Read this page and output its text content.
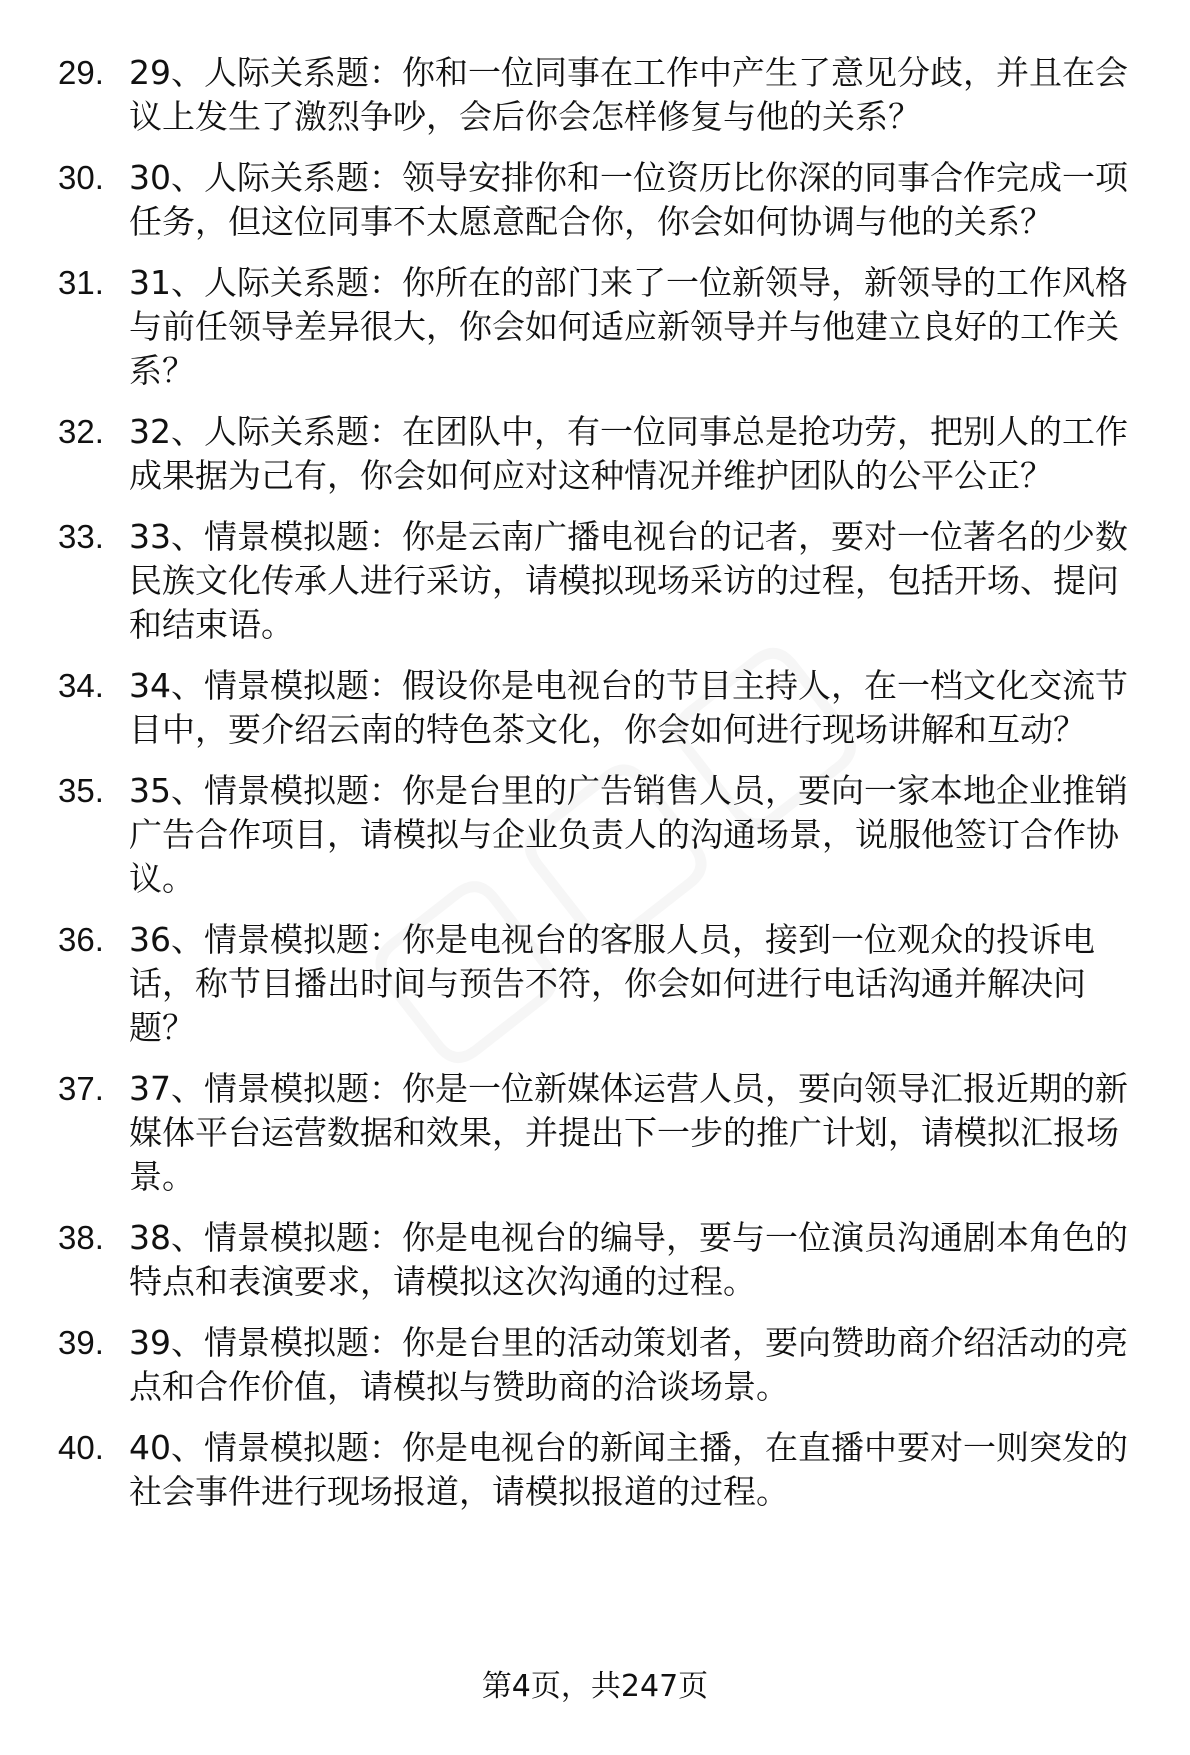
29. 29、人际关系题：你和一位同事在工作中产生了意见分歧，并且在会议上发生了激烈争吵，会后你会怎样修复与他的关系？
30. 30、人际关系题：领导安排你和一位资历比你深的同事合作完成一项任务，但这位同事不太愿意配合你，你会如何协调与他的关系？
31. 31、人际关系题：你所在的部门来了一位新领导，新领导的工作风格与前任领导差异很大，你会如何适应新领导并与他建立良好的工作关系？
32. 32、人际关系题：在团队中，有一位同事总是抢功劳，把别人的工作成果据为己有，你会如何应对这种情况并维护团队的公平公正？
33. 33、情景模拟题：你是云南广播电视台的记者，要对一位著名的少数民族文化传承人进行采访，请模拟现场采访的过程，包括开场、提问和结束语。
34. 34、情景模拟题：假设你是电视台的节目主持人，在一档文化交流节目中，要介绍云南的特色茶文化，你会如何进行现场讲解和互动？
35. 35、情景模拟题：你是台里的广告销售人员，要向一家本地企业推销广告合作项目，请模拟与企业负责人的沟通场景，说服他签订合作协议。
36. 36、情景模拟题：你是电视台的客服人员，接到一位观众的投诉电话，称节目播出时间与预告不符，你会如何进行电话沟通并解决问题？
37. 37、情景模拟题：你是一位新媒体运营人员，要向领导汇报近期的新媒体平台运营数据和效果，并提出下一步的推广计划，请模拟汇报场景。
38. 38、情景模拟题：你是电视台的编导，要与一位演员沟通剧本角色的特点和表演要求，请模拟这次沟通的过程。
39. 39、情景模拟题：你是台里的活动策划者，要向赞助商介绍活动的亮点和合作价值，请模拟与赞助商的洽谈场景。
40. 40、情景模拟题：你是电视台的新闻主播，在直播中要对一则突发的社会事件进行现场报道，请模拟报道的过程。
第4页，共247页
